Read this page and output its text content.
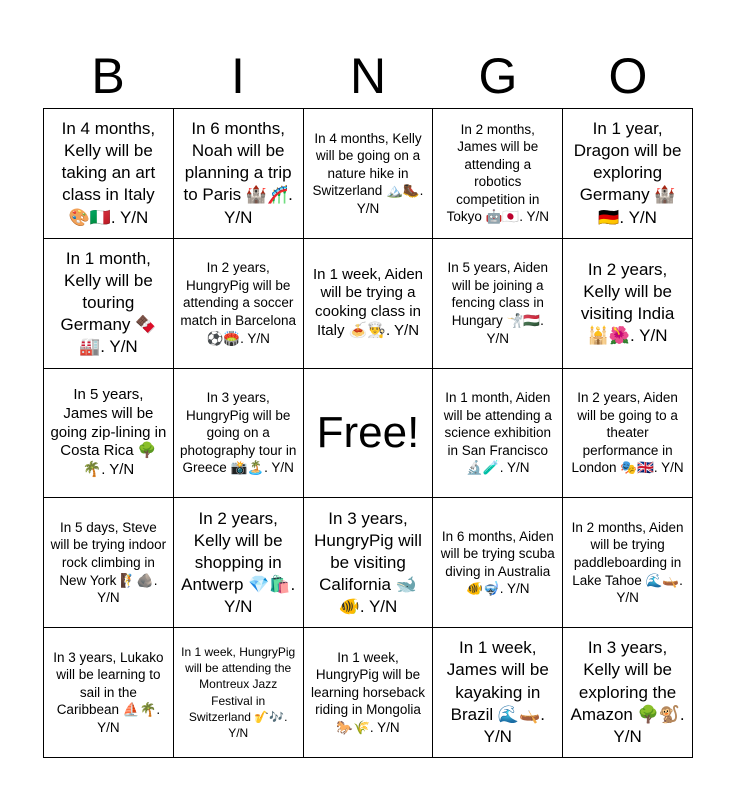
B	I	N	G	O
In 4 months, Kelly will be taking an art class in Italy 🎨🇮🇹. Y/N
In 6 months, Noah will be planning a trip to Paris 🏰🎢. Y/N
In 4 months, Kelly will be going on a nature hike in Switzerland 🏔️🥾. Y/N
In 2 months, James will be attending a robotics competition in Tokyo 🤖🇯🇵. Y/N
In 1 year, Dragon will be exploring Germany 🏰🇩🇪. Y/N
In 1 month, Kelly will be touring Germany 🍫🏭. Y/N
In 2 years, HungryPig will be attending a soccer match in Barcelona ⚽🏟️. Y/N
In 1 week, Aiden will be trying a cooking class in Italy 🍝👨‍🍳. Y/N
In 5 years, Aiden will be joining a fencing class in Hungary 🤺🇭🇺. Y/N
In 2 years, Kelly will be visiting India 🕌🌺. Y/N
In 5 years, James will be going zip-lining in Costa Rica 🌳🌴. Y/N
In 3 years, HungryPig will be going on a photography tour in Greece 📸🏝️. Y/N
Free!
In 1 month, Aiden will be attending a science exhibition in San Francisco 🔬🧪. Y/N
In 2 years, Aiden will be going to a theater performance in London 🎭🇬🇧. Y/N
In 5 days, Steve will be trying indoor rock climbing in New York 🧗🪨. Y/N
In 2 years, Kelly will be shopping in Antwerp 💎🛍️. Y/N
In 3 years, HungryPig will be visiting California 🐋🐠. Y/N
In 6 months, Aiden will be trying scuba diving in Australia 🐠🤿. Y/N
In 2 months, Aiden will be trying paddleboarding in Lake Tahoe 🌊🛶. Y/N
In 3 years, Lukako will be learning to sail in the Caribbean ⛵🌴. Y/N
In 1 week, HungryPig will be attending the Montreux Jazz Festival in Switzerland 🎷🎶. Y/N
In 1 week, HungryPig will be learning horseback riding in Mongolia 🐎🌾. Y/N
In 1 week, James will be kayaking in Brazil 🌊🛶. Y/N
In 3 years, Kelly will be exploring the Amazon 🌳🐒. Y/N
